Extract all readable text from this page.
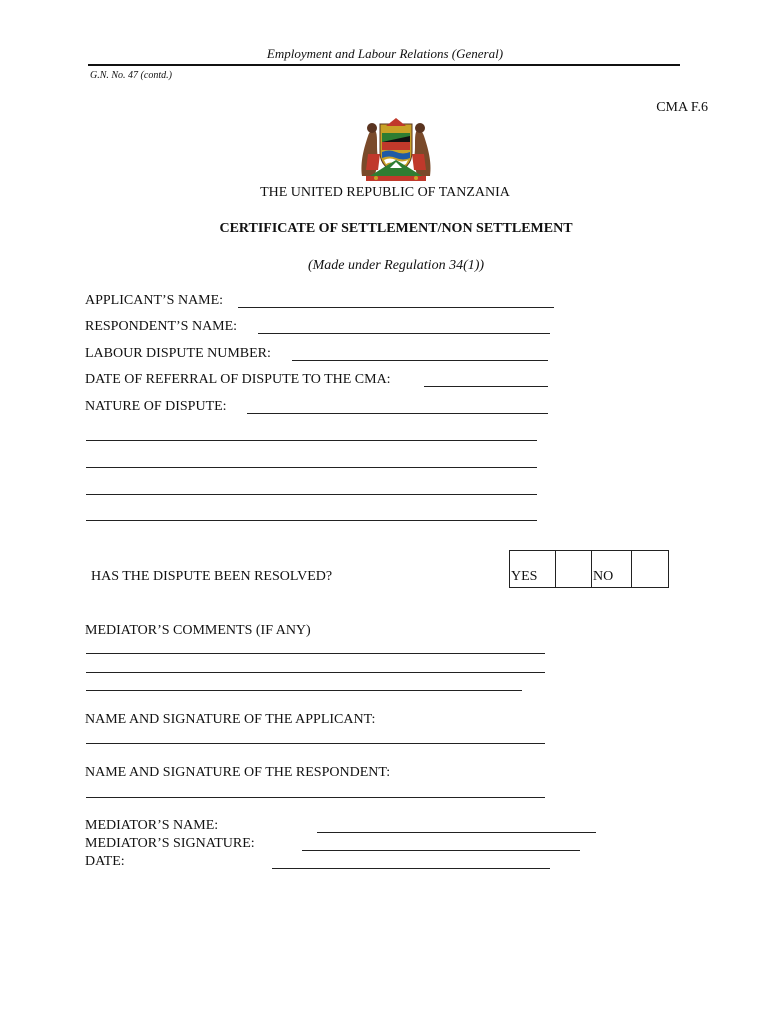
Employment and Labour Relations (General)
G.N. No. 47 (contd.)
CMA F.6
THE UNITED REPUBLIC OF TANZANIA
CERTIFICATE OF SETTLEMENT/NON SETTLEMENT
(Made under Regulation 34(1))
APPLICANT’S NAME:
RESPONDENT’S NAME:
LABOUR DISPUTE NUMBER:
DATE OF REFERRAL OF DISPUTE TO THE CMA:
NATURE OF DISPUTE:
HAS THE DISPUTE BEEN RESOLVED?	YES	NO
MEDIATOR’S COMMENTS (IF ANY)
NAME AND SIGNATURE OF THE APPLICANT:
NAME AND SIGNATURE OF THE RESPONDENT:
MEDIATOR’S NAME:
MEDIATOR’S SIGNATURE:
DATE:
